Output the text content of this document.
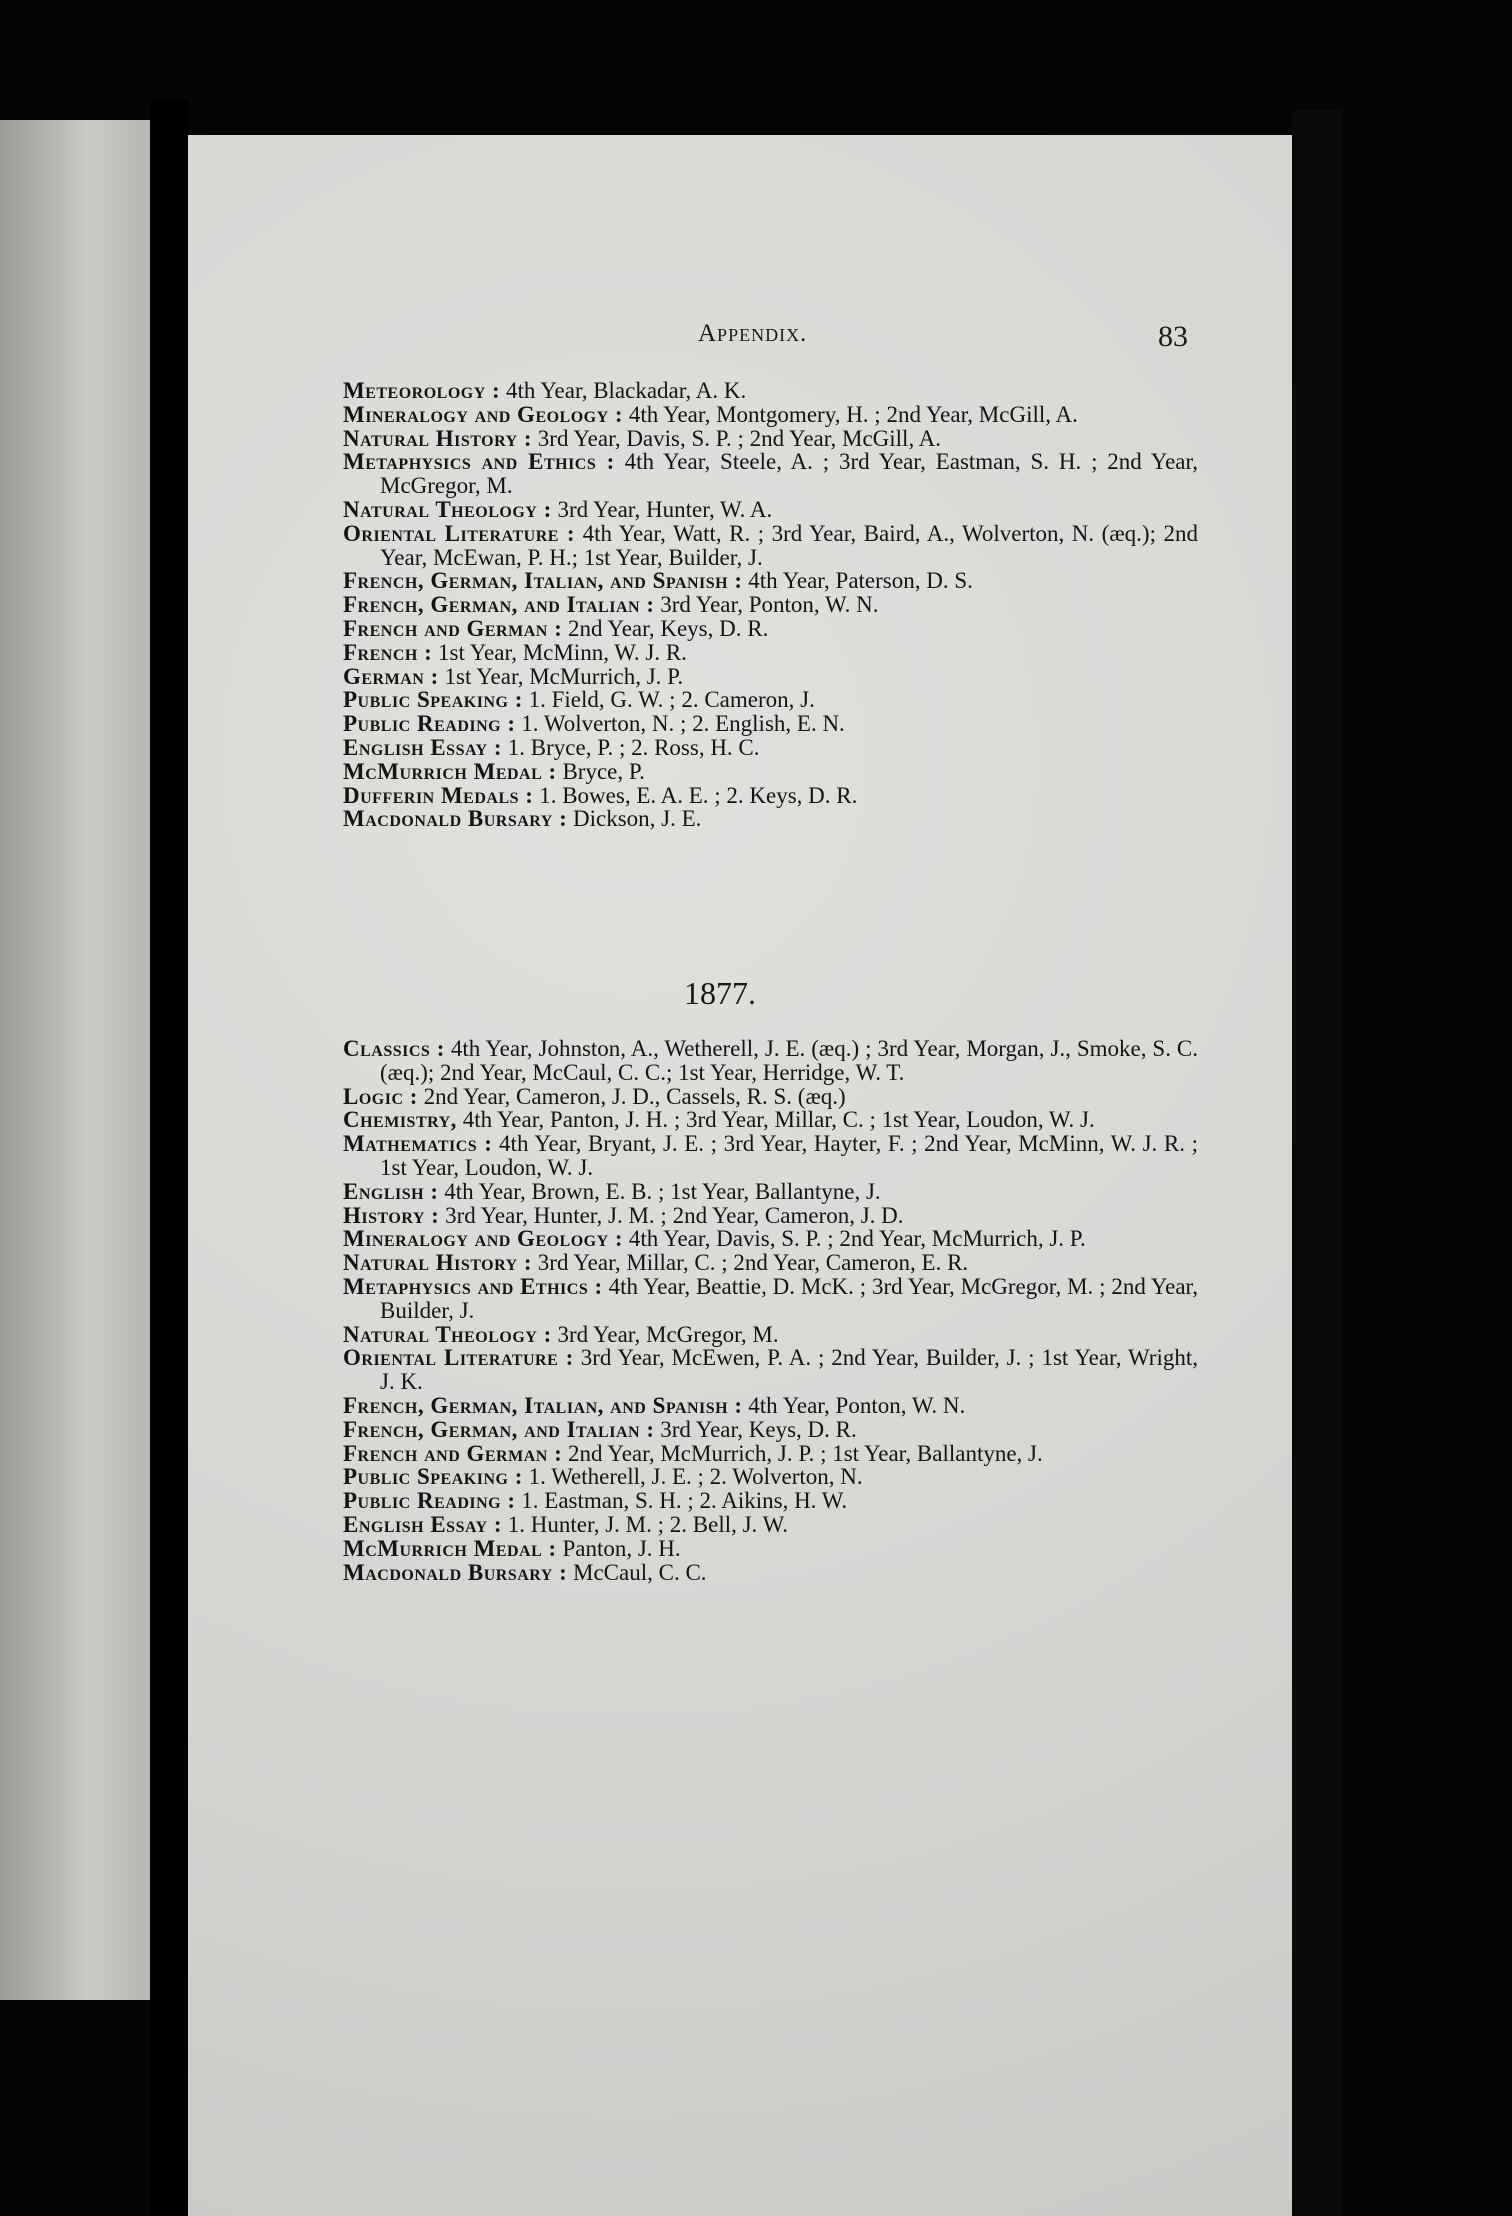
Appendix.	83
Meteorology : 4th Year, Blackadar, A. K.
Mineralogy and Geology : 4th Year, Montgomery, H. ; 2nd Year, McGill, A.
Natural History : 3rd Year, Davis, S. P. ; 2nd Year, McGill, A.
Metaphysics and Ethics : 4th Year, Steele, A. ; 3rd Year, Eastman, S. H. ; 2nd Year, McGregor, M.
Natural Theology : 3rd Year, Hunter, W. A.
Oriental Literature : 4th Year, Watt, R. ; 3rd Year, Baird, A., Wolverton, N. (æq.); 2nd Year, McEwan, P. H.; 1st Year, Builder, J.
French, German, Italian, and Spanish : 4th Year, Paterson, D. S.
French, German, and Italian : 3rd Year, Ponton, W. N.
French and German : 2nd Year, Keys, D. R.
French : 1st Year, McMinn, W. J. R.
German : 1st Year, McMurrich, J. P.
Public Speaking : 1. Field, G. W. ; 2. Cameron, J.
Public Reading : 1. Wolverton, N. ; 2. English, E. N.
English Essay : 1. Bryce, P. ; 2. Ross, H. C.
McMurrich Medal : Bryce, P.
Dufferin Medals : 1. Bowes, E. A. E. ; 2. Keys, D. R.
Macdonald Bursary : Dickson, J. E.
1877.
Classics : 4th Year, Johnston, A., Wetherell, J. E. (æq.) ; 3rd Year, Morgan, J., Smoke, S. C. (æq.); 2nd Year, McCaul, C. C.; 1st Year, Herridge, W. T.
Logic : 2nd Year, Cameron, J. D., Cassels, R. S. (æq.)
Chemistry, 4th Year, Panton, J. H. ; 3rd Year, Millar, C. ; 1st Year, Loudon, W. J.
Mathematics : 4th Year, Bryant, J. E. ; 3rd Year, Hayter, F. ; 2nd Year, McMinn, W. J. R. ; 1st Year, Loudon, W. J.
English : 4th Year, Brown, E. B. ; 1st Year, Ballantyne, J.
History : 3rd Year, Hunter, J. M. ; 2nd Year, Cameron, J. D.
Mineralogy and Geology : 4th Year, Davis, S. P. ; 2nd Year, McMurrich, J. P.
Natural History : 3rd Year, Millar, C. ; 2nd Year, Cameron, E. R.
Metaphysics and Ethics : 4th Year, Beattie, D. McK. ; 3rd Year, McGregor, M. ; 2nd Year, Builder, J.
Natural Theology : 3rd Year, McGregor, M.
Oriental Literature : 3rd Year, McEwen, P. A. ; 2nd Year, Builder, J. ; 1st Year, Wright, J. K.
French, German, Italian, and Spanish : 4th Year, Ponton, W. N.
French, German, and Italian : 3rd Year, Keys, D. R.
French and German : 2nd Year, McMurrich, J. P. ; 1st Year, Ballantyne, J.
Public Speaking : 1. Wetherell, J. E. ; 2. Wolverton, N.
Public Reading : 1. Eastman, S. H. ; 2. Aikins, H. W.
English Essay : 1. Hunter, J. M. ; 2. Bell, J. W.
McMurrich Medal : Panton, J. H.
Macdonald Bursary : McCaul, C. C.
